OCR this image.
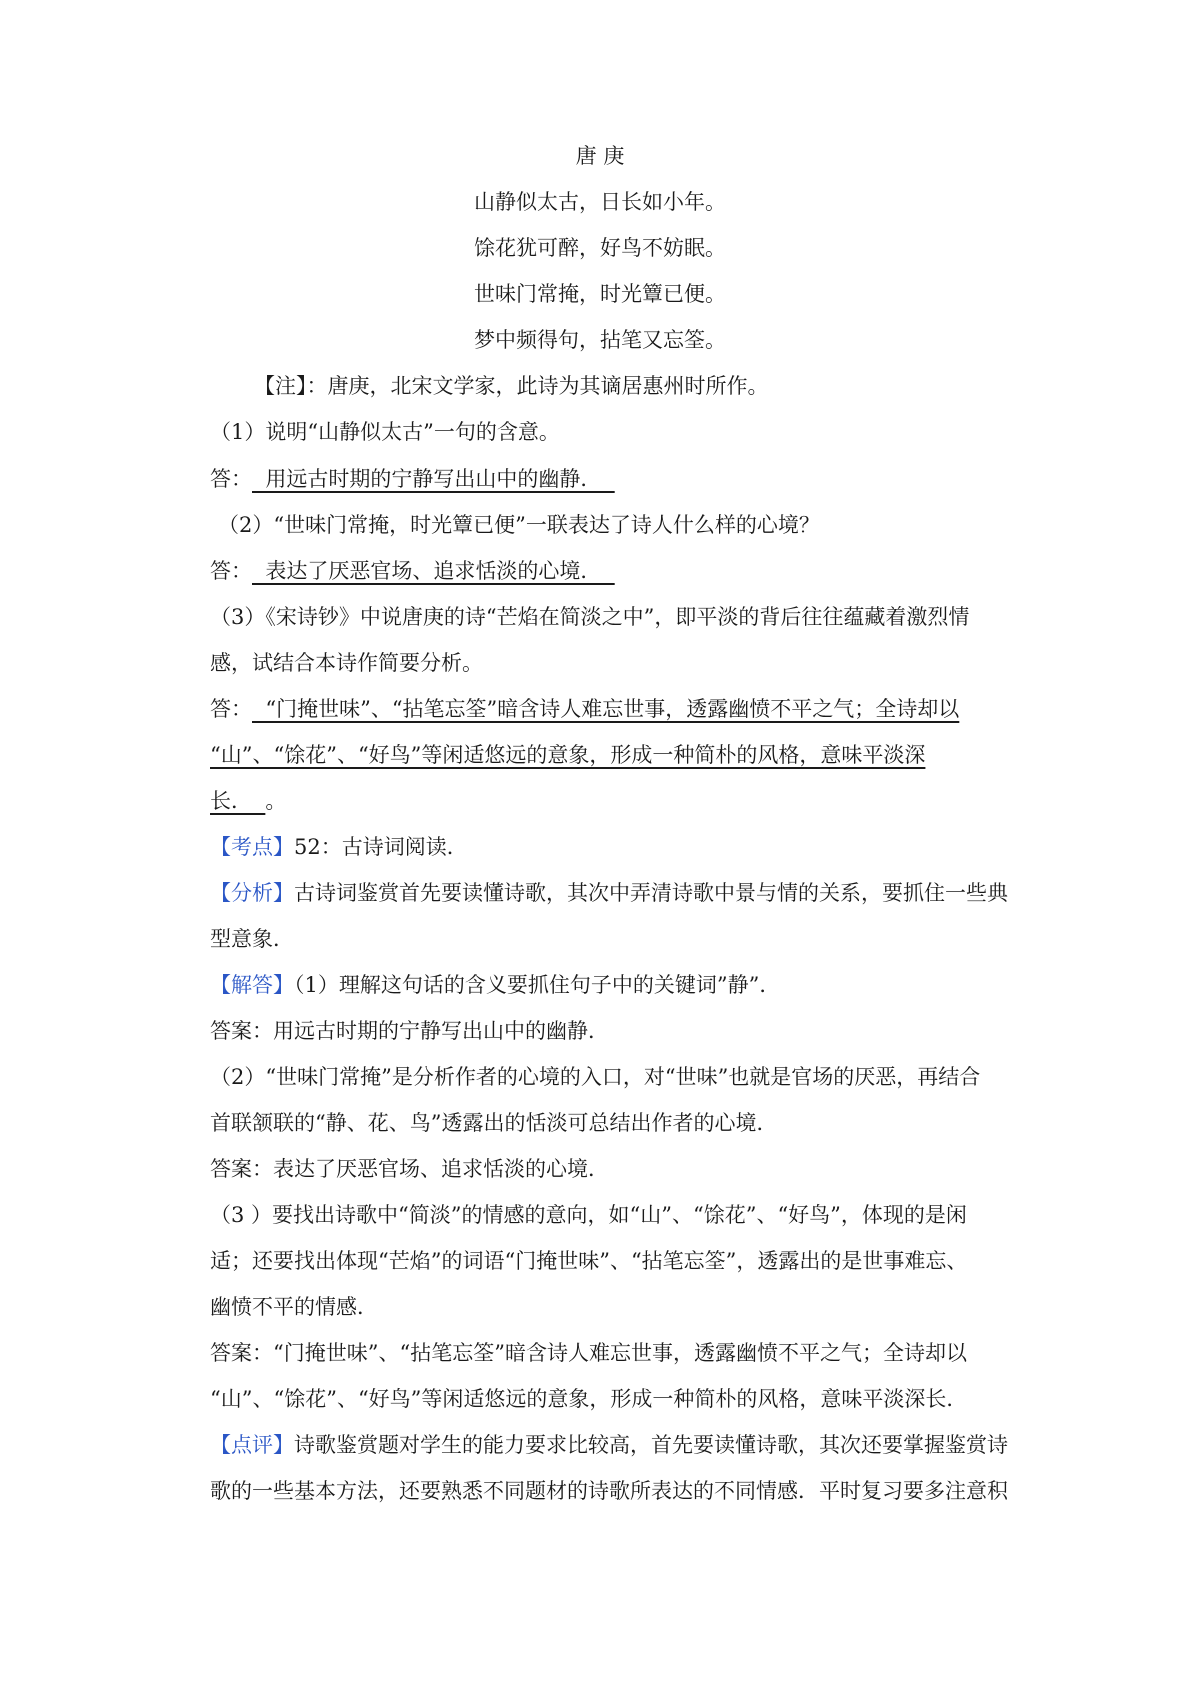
唐 庚
山静似太古，日长如小年。
馀花犹可醉，好鸟不妨眠。
世味门常掩，时光簟已便。
梦中频得句，拈笔又忘筌。
【注】：唐庚，北宋文学家，此诗为其谪居惠州时所作。
（1）说明“山静似太古”一句的含意。
答：  用远古时期的宁静写出山中的幽静．
（2）“世味门常掩，时光簟已便”一联表达了诗人什么样的心境？
答：  表达了厌恶官场、追求恬淡的心境．
（3）《宋诗钞》中说唐庚的诗“芒焰在简淡之中”，即平淡的背后往往蕴藏着激烈情
感，试结合本诗作简要分析。
答：  “门掩世味”、“拈笔忘筌”暗含诗人难忘世事，透露幽愤不平之气；全诗却以
“山”、“馀花”、“好鸟”等闲适悠远的意象，形成一种简朴的风格，意味平淡深
长．  。
【考点】52：古诗词阅读．
【分析】古诗词鉴赏首先要读懂诗歌，其次中弄清诗歌中景与情的关系，要抓住一些典
型意象．
【解答】（1）理解这句话的含义要抓住句子中的关键词”静”．
答案：用远古时期的宁静写出山中的幽静．
（2）“世味门常掩”是分析作者的心境的入口，对“世味”也就是官场的厌恶，再结合
首联颔联的“静、花、鸟”透露出的恬淡可总结出作者的心境．
答案：表达了厌恶官场、追求恬淡的心境．
（3 ）要找出诗歌中“简淡”的情感的意向，如“山”、“馀花”、“好鸟”，体现的是闲
适；还要找出体现“芒焰”的词语“门掩世味”、“拈笔忘筌”，透露出的是世事难忘、
幽愤不平的情感．
答案：“门掩世味”、“拈笔忘筌”暗含诗人难忘世事，透露幽愤不平之气；全诗却以
“山”、“馀花”、“好鸟”等闲适悠远的意象，形成一种简朴的风格，意味平淡深长．
【点评】诗歌鉴赏题对学生的能力要求比较高，首先要读懂诗歌，其次还要掌握鉴赏诗
歌的一些基本方法，还要熟悉不同题材的诗歌所表达的不同情感．平时复习要多注意积
